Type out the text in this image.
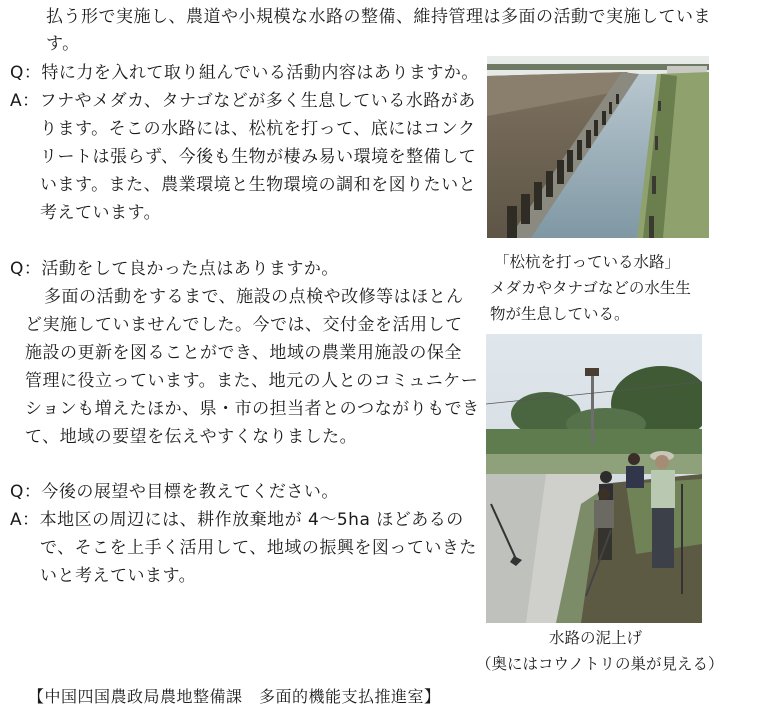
払う形で実施し、農道や小規模な水路の整備、維持管理は多面の活動で実施していま
す。
Q：特に力を入れて取り組んでいる活動内容はありますか。
A：フナやメダカ、タナゴなどが多く生息している水路があ
ります。そこの水路には、松杭を打って、底にはコンク
リートは張らず、今後も生物が棲み易い環境を整備して
います。また、農業環境と生物環境の調和を図りたいと
考えています。
Q：活動をして良かった点はありますか。
多面の活動をするまで、施設の点検や改修等はほとん
ど実施していませんでした。今では、交付金を活用して
施設の更新を図ることができ、地域の農業用施設の保全
管理に役立っています。また、地元の人とのコミュニケー
ションも増えたほか、県・市の担当者とのつながりもでき
て、地域の要望を伝えやすくなりました。
Q：今後の展望や目標を教えてください。
A：本地区の周辺には、耕作放棄地が 4～5ha ほどあるの
で、そこを上手く活用して、地域の振興を図っていきた
いと考えています。
「松杭を打っている水路」
メダカやタナゴなどの水生生
物が生息している。
水路の泥上げ
（奥にはコウノトリの巣が見える）
【中国四国農政局農地整備課　多面的機能支払推進室】
